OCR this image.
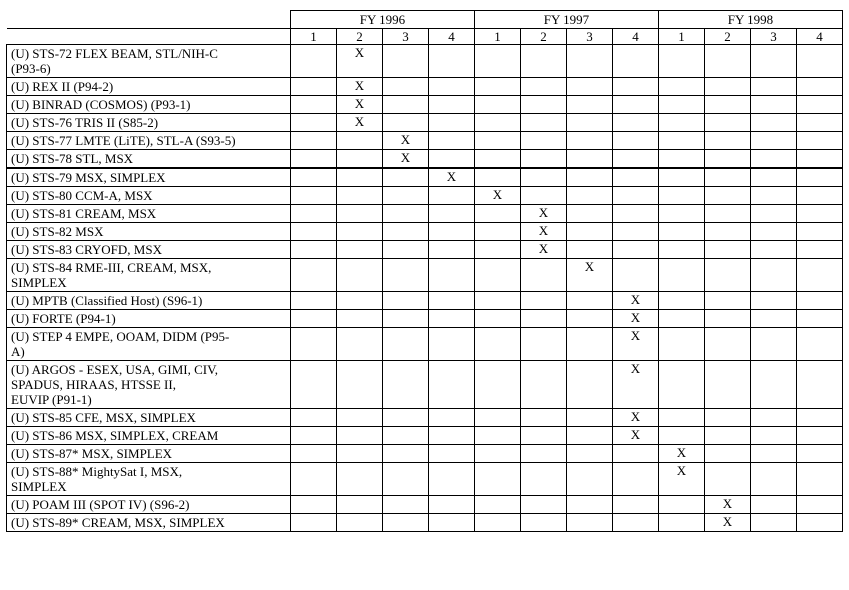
	FY 1996				FY 1997				FY 1998			
	1	2	3	4	1	2	3	4	1	2	3	4

(U) STS-72 FLEX BEAM, STL/NIH-C
(P93-6)		X										

(U) REX II (P94-2)		X										

(U) BINRAD (COSMOS) (P93-1)		X										

(U) STS-76 TRIS II (S85-2)		X										

(U) STS-77 LMTE (LiTE), STL-A (S93-5)			X									

(U) STS-78 STL, MSX			X									

(U) STS-79 MSX, SIMPLEX				X								

(U) STS-80 CCM-A, MSX					X							

(U) STS-81 CREAM, MSX						X						

(U) STS-82 MSX						X						

(U) STS-83 CRYOFD, MSX						X						

(U) STS-84 RME-III, CREAM, MSX,
SIMPLEX							X					

(U) MPTB (Classified Host) (S96-1)								X				

(U) FORTE (P94-1)								X				

(U) STEP 4 EMPE, OOAM, DIDM (P95-
A)								X				

(U) ARGOS - ESEX, USA, GIMI, CIV,
SPADUS, HIRAAS, HTSSE II,
EUVIP (P91-1)								X				

(U) STS-85 CFE, MSX, SIMPLEX								X				

(U) STS-86 MSX, SIMPLEX, CREAM								X				

(U) STS-87* MSX, SIMPLEX									X			

(U) STS-88* MightySat I, MSX,
SIMPLEX									X			

(U) POAM III (SPOT IV) (S96-2)										X		

(U) STS-89* CREAM, MSX, SIMPLEX										X		
